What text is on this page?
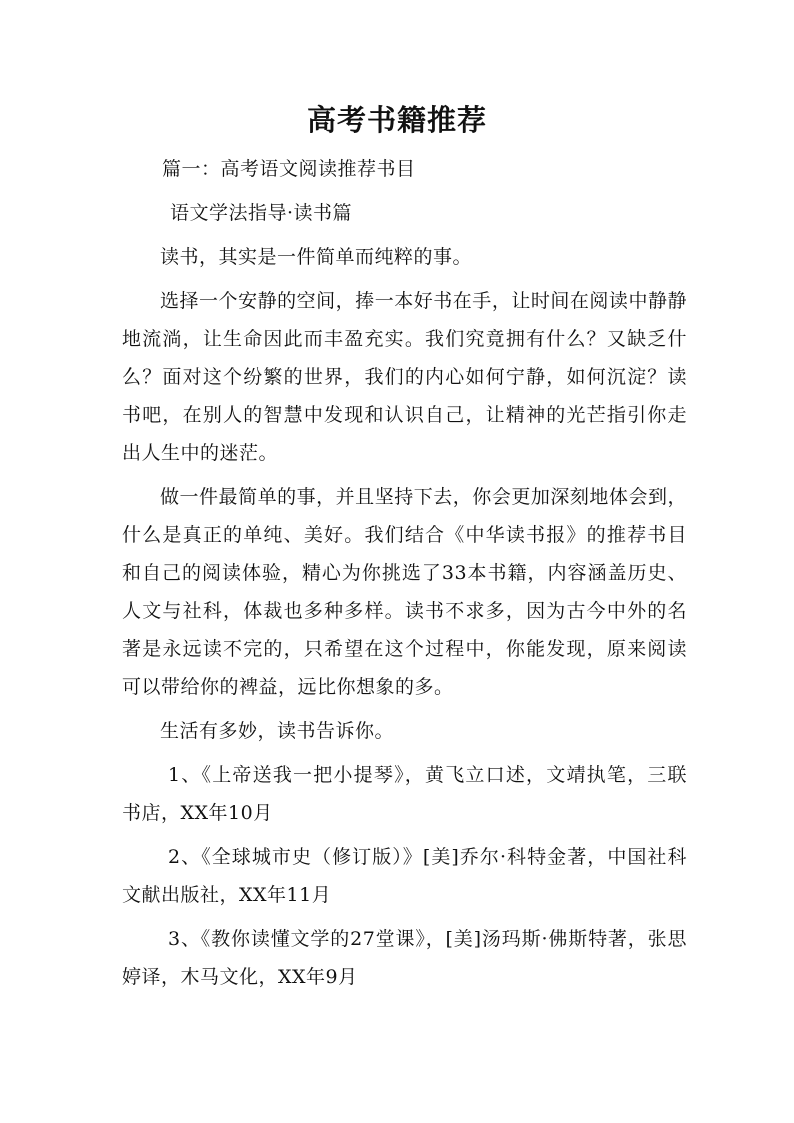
高考书籍推荐

篇一：高考语文阅读推荐书目

语文学法指导·读书篇

读书，其实是一件简单而纯粹的事。

选择一个安静的空间，捧一本好书在手，让时间在阅读中静静地流淌，让生命因此而丰盈充实。我们究竟拥有什么？又缺乏什么？面对这个纷繁的世界，我们的内心如何宁静，如何沉淀？读书吧，在别人的智慧中发现和认识自己，让精神的光芒指引你走出人生中的迷茫。

做一件最简单的事，并且坚持下去，你会更加深刻地体会到，什么是真正的单纯、美好。我们结合《中华读书报》的推荐书目和自己的阅读体验，精心为你挑选了33本书籍，内容涵盖历史、人文与社科，体裁也多种多样。读书不求多，因为古今中外的名著是永远读不完的，只希望在这个过程中，你能发现，原来阅读可以带给你的裨益，远比你想象的多。

生活有多妙，读书告诉你。

1、《上帝送我一把小提琴》，黄飞立口述，文靖执笔，三联书店，XX年10月

2、《全球城市史（修订版）》[美]乔尔·科特金著，中国社科文献出版社，XX年11月

3、《教你读懂文学的27堂课》，[美]汤玛斯·佛斯特著，张思婷译，木马文化，XX年9月
